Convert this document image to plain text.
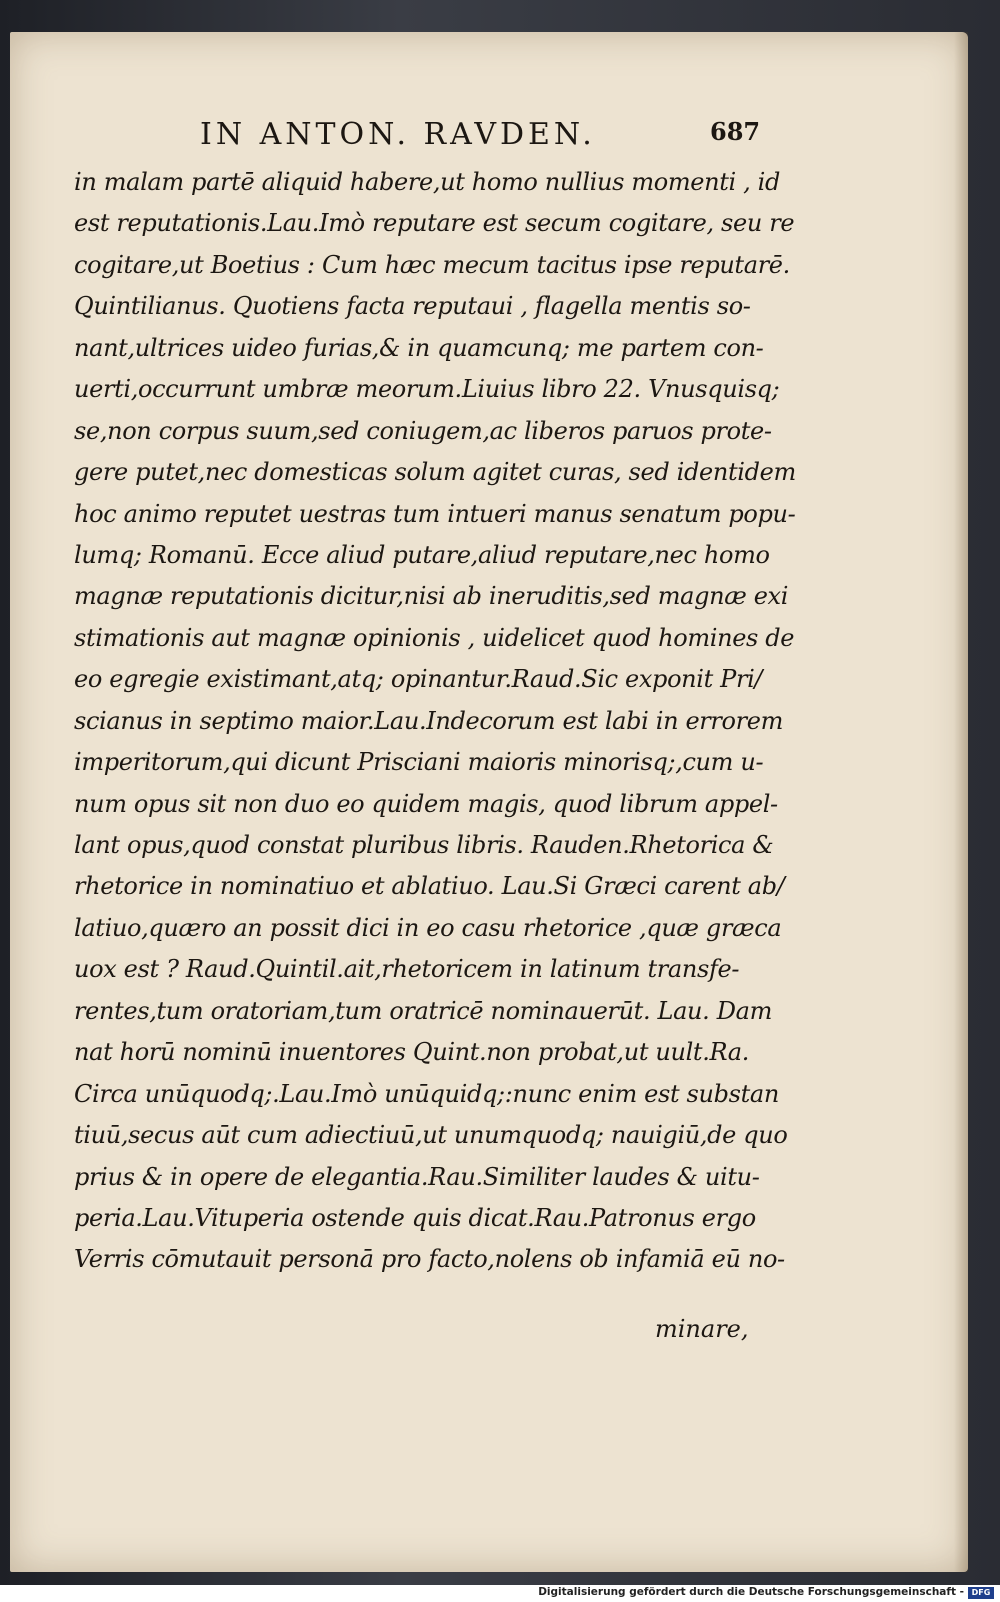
IN ANTON. RAVDEN.	687
in malam partē aliquid habere,ut homo nullius momenti , id
est reputationis.Lau.Imò reputare est secum cogitare, seu re
cogitare,ut Boetius : Cum hæc mecum tacitus ipse reputarē.
Quintilianus. Quotiens facta reputaui , flagella mentis so-
nant,ultrices uideo furias,& in quamcunq; me partem con-
uerti,occurrunt umbræ meorum.Liuius libro 22. Vnusquisq;
se,non corpus suum,sed coniugem,ac liberos paruos prote-
gere putet,nec domesticas solum agitet curas, sed identidem
hoc animo reputet uestras tum intueri manus senatum popu-
lumq; Romanū. Ecce aliud putare,aliud reputare,nec homo
magnæ reputationis dicitur,nisi ab ineruditis,sed magnæ exi
stimationis aut magnæ opinionis , uidelicet quod homines de
eo egregie existimant,atq; opinantur.Raud.Sic exponit Pri/
scianus in septimo maior.Lau.Indecorum est labi in errorem
imperitorum,qui dicunt Prisciani maioris minorisq;,cum u-
num opus sit non duo eo quidem magis, quod librum appel-
lant opus,quod constat pluribus libris. Rauden.Rhetorica &
rhetorice in nominatiuo et ablatiuo. Lau.Si Græci carent ab/
latiuo,quæro an possit dici in eo casu rhetorice ,quæ græca
uox est ? Raud.Quintil.ait,rhetoricem in latinum transfe-
rentes,tum oratoriam,tum oratricē nominauerūt. Lau. Dam
nat horū nominū inuentores Quint.non probat,ut uult.Ra.
Circa unūquodq;.Lau.Imò unūquidq;:nunc enim est substan
tiuū,secus aūt cum adiectiuū,ut unumquodq; nauigiū,de quo
prius & in opere de elegantia.Rau.Similiter laudes & uitu-
peria.Lau.Vituperia ostende quis dicat.Rau.Patronus ergo
Verris cōmutauit personā pro facto,nolens ob infamiā eū no-
minare,
Digitalisierung gefördert durch die Deutsche Forschungsgemeinschaft - DFG
